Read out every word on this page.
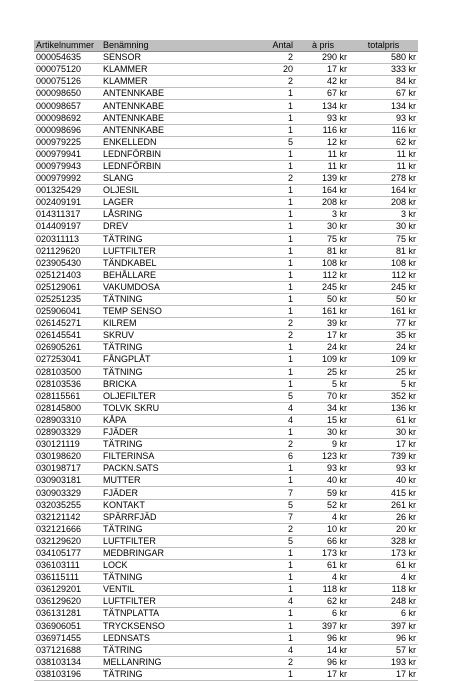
Artikelnummer	Benämning	Antal	à pris	totalpris
000054635	SENSOR	2	290 kr	580 kr
000075120	KLAMMER	20	17 kr	333 kr
000075126	KLAMMER	2	42 kr	84 kr
000098650	ANTENNKABE	1	67 kr	67 kr
000098657	ANTENNKABE	1	134 kr	134 kr
000098692	ANTENNKABE	1	93 kr	93 kr
000098696	ANTENNKABE	1	116 kr	116 kr
000979225	ENKELLEDN	5	12 kr	62 kr
000979941	LEDNFÖRBIN	1	11 kr	11 kr
000979943	LEDNFÖRBIN	1	11 kr	11 kr
000979992	SLANG	2	139 kr	278 kr
001325429	OLJESIL	1	164 kr	164 kr
002409191	LAGER	1	208 kr	208 kr
014311317	LÅSRING	1	3 kr	3 kr
014409197	DREV	1	30 kr	30 kr
020311113	TÄTRING	1	75 kr	75 kr
021129620	LUFTFILTER	1	81 kr	81 kr
023905430	TÄNDKABEL	1	108 kr	108 kr
025121403	BEHÅLLARE	1	112 kr	112 kr
025129061	VAKUMDOSA	1	245 kr	245 kr
025251235	TÄTNING	1	50 kr	50 kr
025906041	TEMP SENSO	1	161 kr	161 kr
026145271	KILREM	2	39 kr	77 kr
026145541	SKRUV	2	17 kr	35 kr
026905261	TÄTRING	1	24 kr	24 kr
027253041	FÅNGPLÅT	1	109 kr	109 kr
028103500	TÄTNING	1	25 kr	25 kr
028103536	BRICKA	1	5 kr	5 kr
028115561	OLJEFILTER	5	70 kr	352 kr
028145800	TOLVK SKRU	4	34 kr	136 kr
028903310	KÅPA	4	15 kr	61 kr
028903329	FJÄDER	1	30 kr	30 kr
030121119	TÄTRING	2	9 kr	17 kr
030198620	FILTERINSA	6	123 kr	739 kr
030198717	PACKN.SATS	1	93 kr	93 kr
030903181	MUTTER	1	40 kr	40 kr
030903329	FJÄDER	7	59 kr	415 kr
032035255	KONTAKT	5	52 kr	261 kr
032121142	SPÄRRFJÄD	7	4 kr	26 kr
032121666	TÄTRING	2	10 kr	20 kr
032129620	LUFTFILTER	5	66 kr	328 kr
034105177	MEDBRINGAR	1	173 kr	173 kr
036103111	LOCK	1	61 kr	61 kr
036115111	TÄTNING	1	4 kr	4 kr
036129201	VENTIL	1	118 kr	118 kr
036129620	LUFTFILTER	4	62 kr	248 kr
036131281	TÄTNPLATTA	1	6 kr	6 kr
036906051	TRYCKSENSO	1	397 kr	397 kr
036971455	LEDNSATS	1	96 kr	96 kr
037121688	TÄTRING	4	14 kr	57 kr
038103134	MELLANRING	2	96 kr	193 kr
038103196	TÄTRING	1	17 kr	17 kr
